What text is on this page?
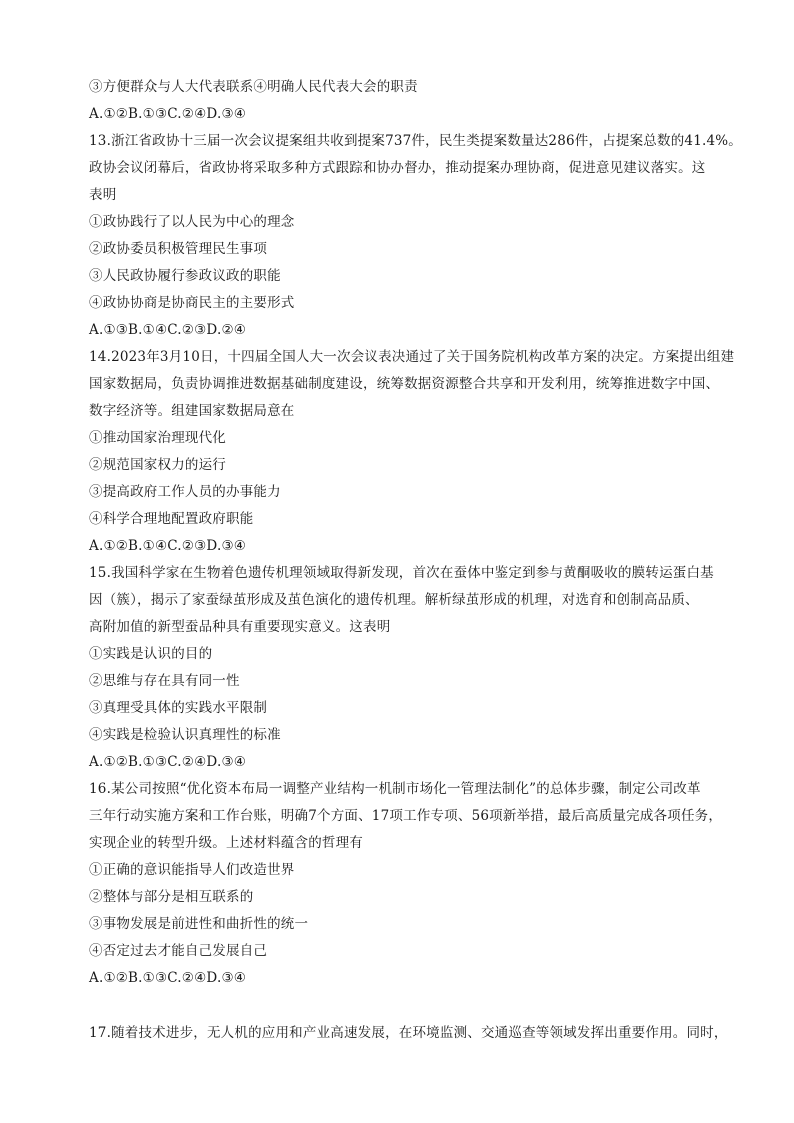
③方便群众与人大代表联系④明确人民代表大会的职责
A.①②B.①③C.②④D.③④
13.浙江省政协十三届一次会议提案组共收到提案737件，民生类提案数量达286件，占提案总数的41.4%。
政协会议闭幕后，省政协将采取多种方式跟踪和协办督办，推动提案办理协商，促进意见建议落实。这
表明
①政协践行了以人民为中心的理念
②政协委员积极管理民生事项
③人民政协履行参政议政的职能
④政协协商是协商民主的主要形式
A.①③B.①④C.②③D.②④
14.2023年3月10日，十四届全国人大一次会议表决通过了关于国务院机构改革方案的决定。方案提出组建
国家数据局，负责协调推进数据基础制度建设，统筹数据资源整合共享和开发利用，统筹推进数字中国、
数字经济等。组建国家数据局意在
①推动国家治理现代化
②规范国家权力的运行
③提高政府工作人员的办事能力
④科学合理地配置政府职能
A.①②B.①④C.②③D.③④
15.我国科学家在生物着色遗传机理领域取得新发现，首次在蚕体中鉴定到参与黄酮吸收的膜转运蛋白基
因（簇），揭示了家蚕绿茧形成及茧色演化的遗传机理。解析绿茧形成的机理，对选育和创制高品质、
高附加值的新型蚕品种具有重要现实意义。这表明
①实践是认识的目的
②思维与存在具有同一性
③真理受具体的实践水平限制
④实践是检验认识真理性的标准
A.①②B.①③C.②④D.③④
16.某公司按照“优化资本布局一调整产业结构一机制市场化一管理法制化”的总体步骤，制定公司改革
三年行动实施方案和工作台账，明确7个方面、17项工作专项、56项新举措，最后高质量完成各项任务，
实现企业的转型升级。上述材料蕴含的哲理有
①正确的意识能指导人们改造世界
②整体与部分是相互联系的
③事物发展是前进性和曲折性的统一
④否定过去才能自己发展自己
A.①②B.①③C.②④D.③④
17.随着技术进步，无人机的应用和产业高速发展，在环境监测、交通巡查等领域发挥出重要作用。同时，
